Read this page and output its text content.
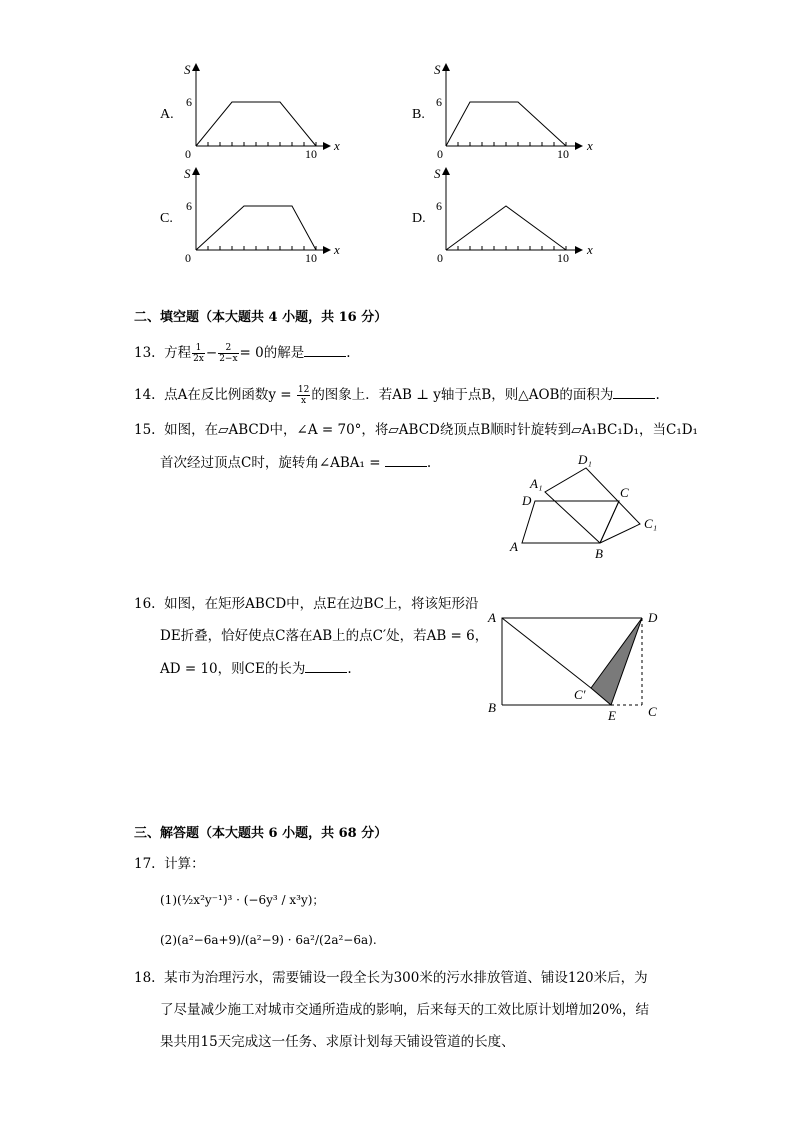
A.
S
x
6
0	10
B.
S
x
6
0	10
C.
S
x
6
0	10
D.
S
x
6
0	10
二、填空题（本大题共 4 小题，共 16 分）
13. 方程 $\frac{1}{2x} - \frac{2}{2-x} = 0$的解是	.
14. 点A在反比例函数$y = \frac{12}{x}$ 的图象上．若AB ⊥ y轴于点B，则△AOB的面积为	.
15. 如图，在▱ABCD中，∠A = 70°，将▱ABCD绕顶点B顺时针旋转到▱A₁BC₁D₁，当C₁D₁
首次经过顶点C时，旋转角∠ABA₁ =	.
A	B
C
D
A₁
C₁
D₁
16. 如图，在矩形ABCD中，点E在边BC上，将该矩形沿
DE折叠，恰好使点C落在AB上的点C′处，若AB = 6，
AD = 10，则CE的长为	.
A
B	C
D
E
C′
三、解答题（本大题共 6 小题，共 68 分）
17. 计算：
(1)(½x²y⁻¹)³ · (−6y³ / x³y)；
(2)(a²−6a+9)/(a²−9) · 6a²/(2a²−6a).
18. 某市为治理污水，需要铺设一段全长为300米的污水排放管道、铺设120米后，为
了尽量减少施工对城市交通所造成的影响，后来每天的工效比原计划增加20%，结
果共用15天完成这一任务、求原计划每天铺设管道的长度、
